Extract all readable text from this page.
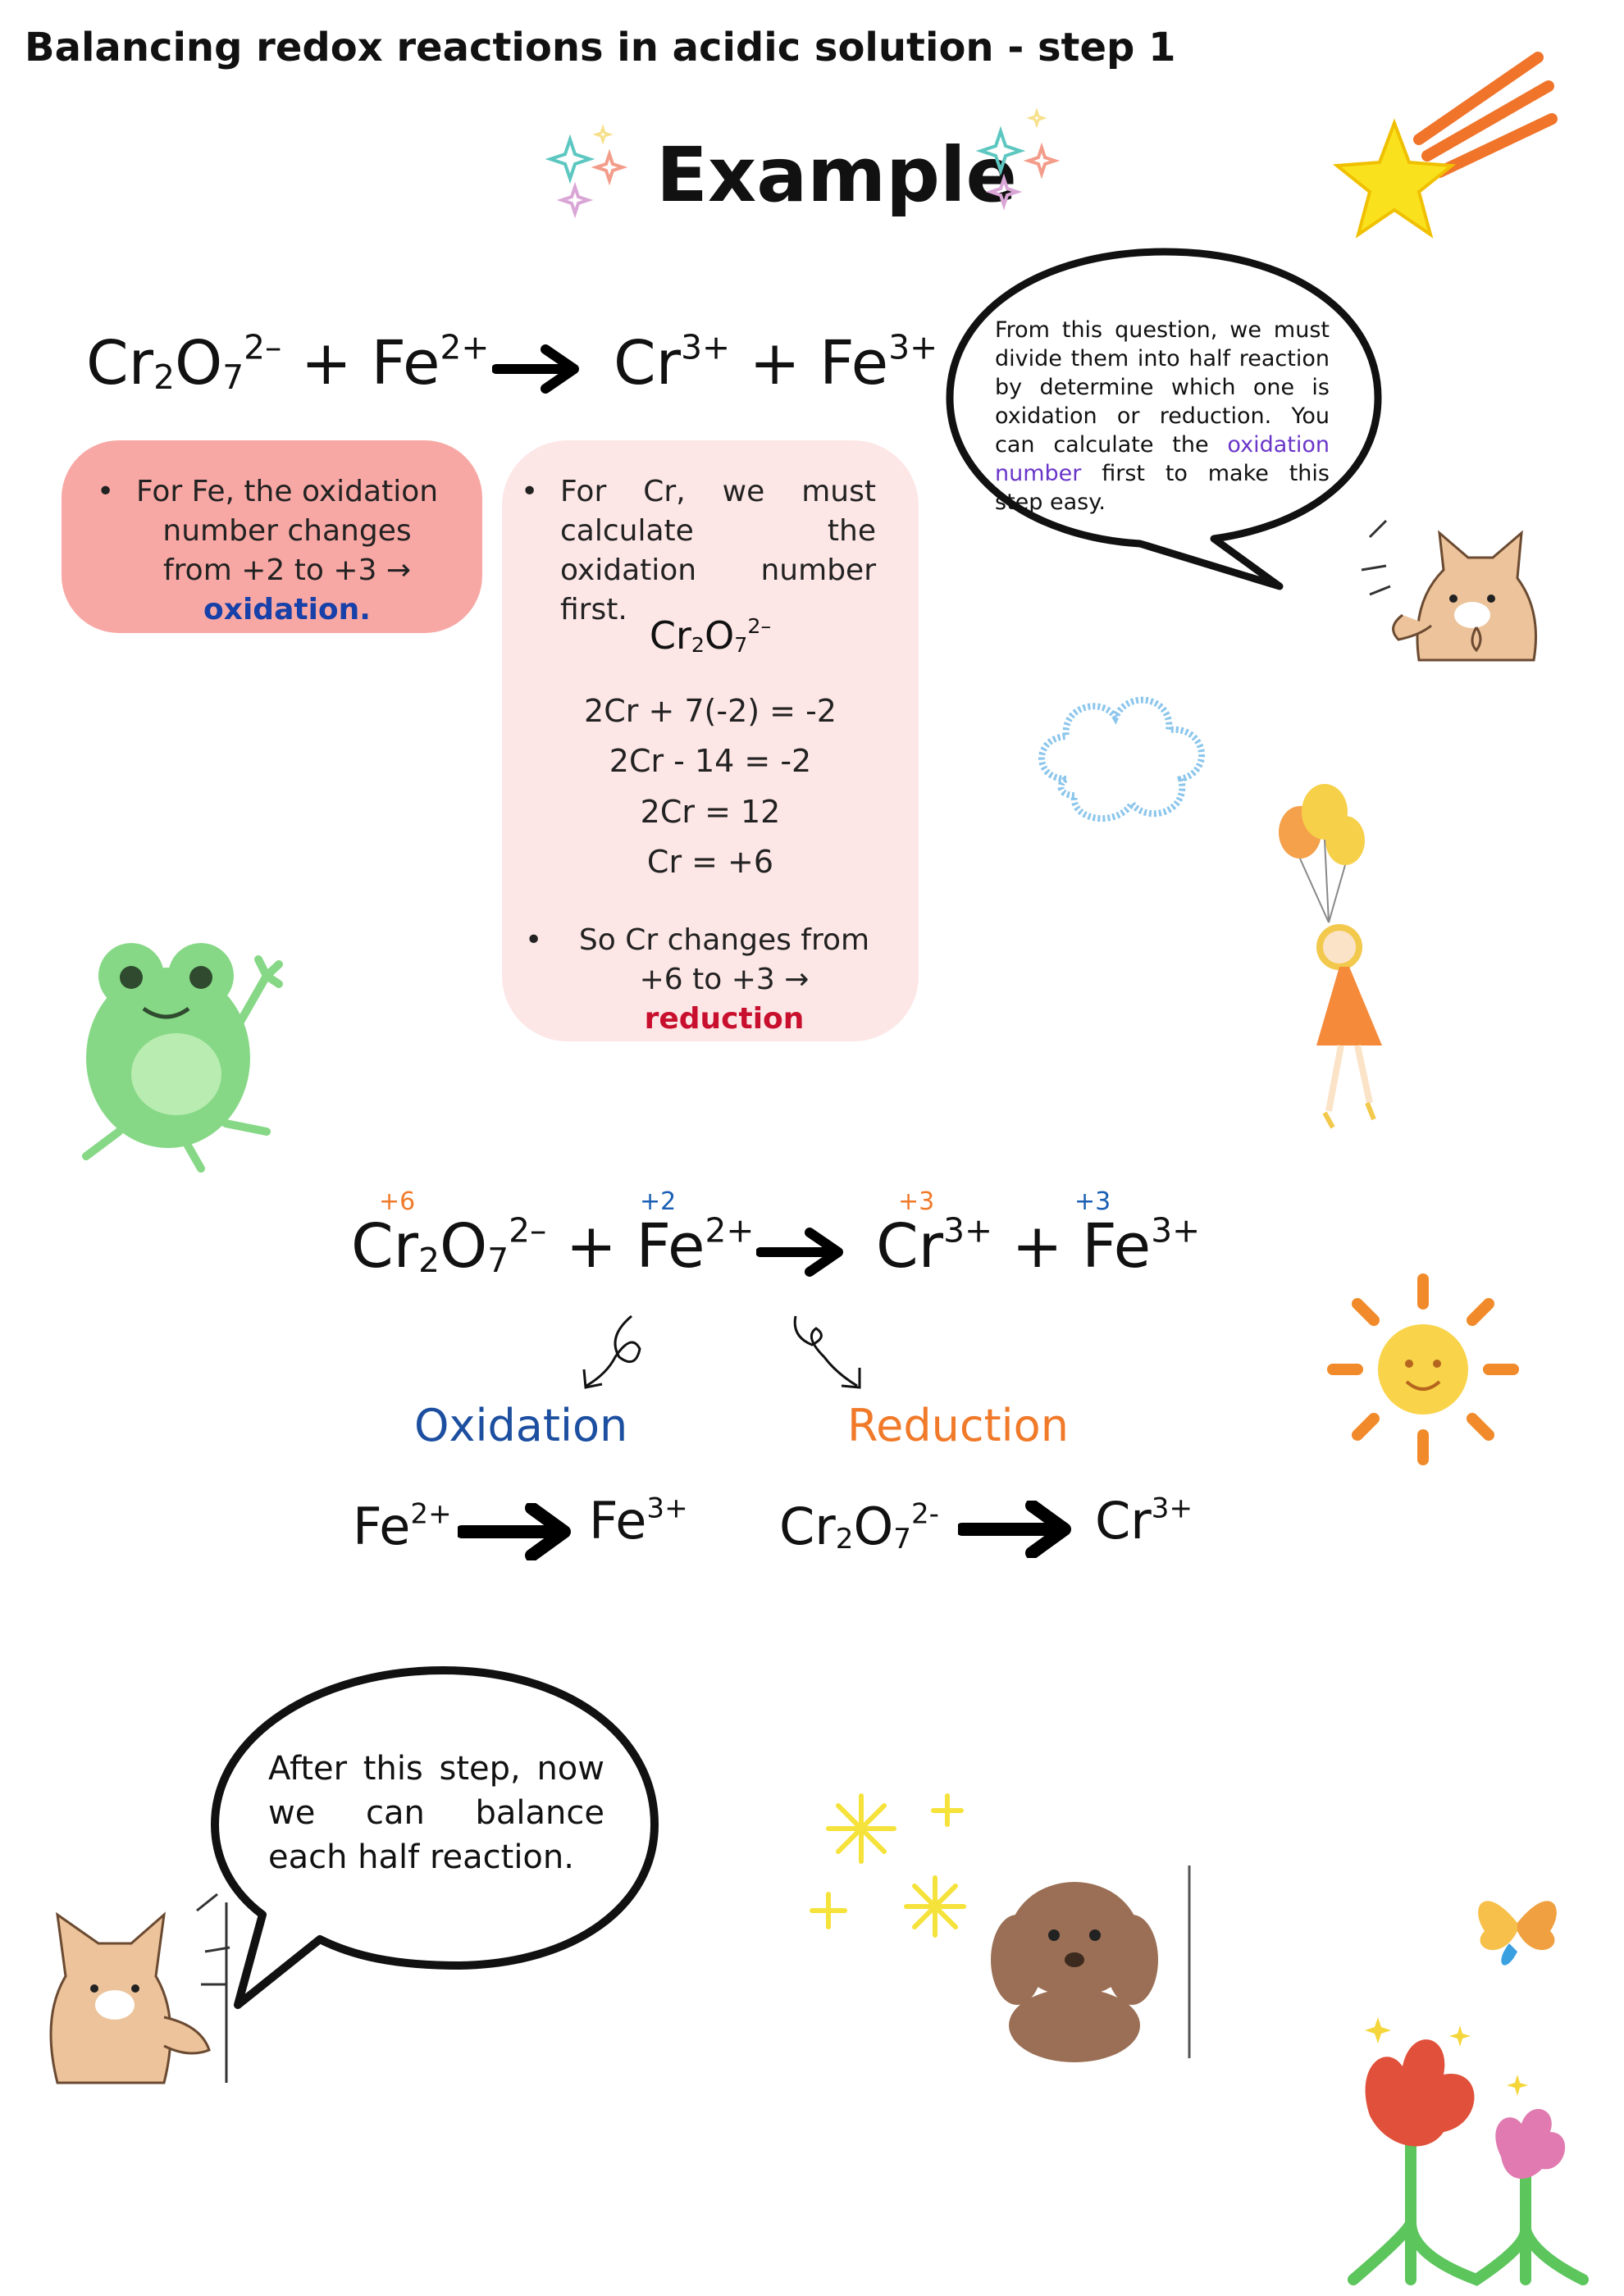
Balancing redox reactions in acidic solution - step 1
Example
$Cr_2O_7^{2-} + Fe^{2+}$ $Cr^{3+} + Fe^{3+}$	From this question, we must divide them into half reaction by determine which one is oxidation or reduction. You can calculate the oxidation number first to make this step easy.
• For Fe, the oxidation number changes from +2 to +3 → oxidation.
• For Cr, we must calculate the oxidation number first.
$Cr_2O_7^{2-}$
2Cr + 7(-2) = -2
2Cr - 14 = -2
2Cr = 12
Cr = +6
•	So Cr changes from +6 to +3 → reduction
+6	+2	+3	+3
$Cr_2O_7^{2-} + Fe^{2+}$ $Cr^{3+} + Fe^{3+}$
Oxidation	Reduction
$Fe^{2+}$	$Fe^{3+}$ $Cr_2O_7^{2-}$	$Cr^{3+}$
After this step, now we can balance each half reaction.
